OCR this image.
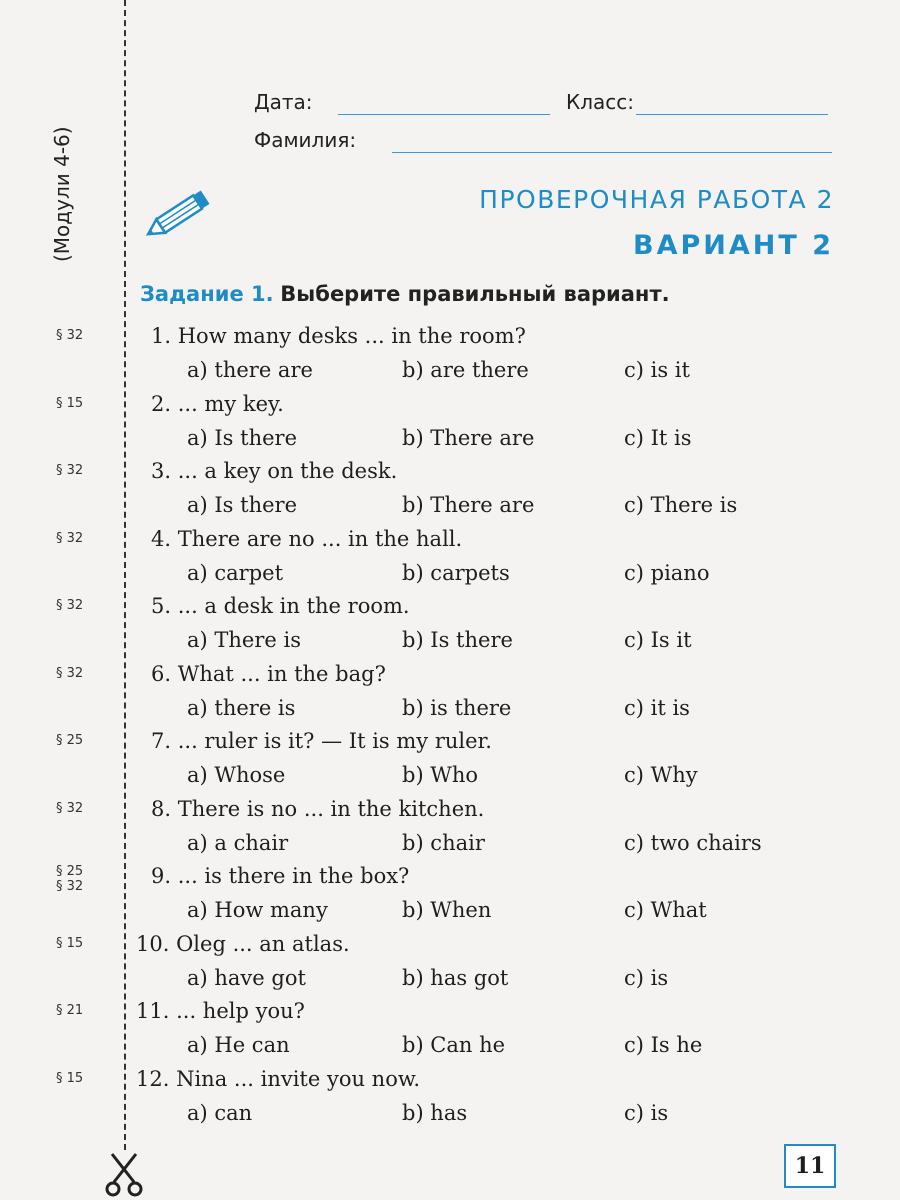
(Модули 4-6)
Дата:	Класс:
Фамилия:
ПРОВЕРОЧНАЯ РАБОТА 2
ВАРИАНТ 2
Задание 1. Выберите правильный вариант.
§ 32	1. How many desks ... in the room?
a) there are	b) are there	c) is it
§ 15	2. ... my key.
a) Is there	b) There are	c) It is
§ 32	3. ... a key on the desk.
a) Is there	b) There are	c) There is
§ 32	4. There are no ... in the hall.
a) carpet	b) carpets	c) piano
§ 32	5. ... a desk in the room.
a) There is	b) Is there	c) Is it
§ 32	6. What ... in the bag?
a) there is	b) is there	c) it is
§ 25	7. ... ruler is it? — It is my ruler.
a) Whose	b) Who	c) Why
§ 32	8. There is no ... in the kitchen.
a) a chair	b) chair	c) two chairs
§ 25
§ 32	9. ... is there in the box?
a) How many	b) When	c) What
§ 15	10. Oleg ... an atlas.
a) have got	b) has got	c) is
§ 21	11. ... help you?
a) He can	b) Can he	c) Is he
§ 15	12. Nina ... invite you now.
a) can	b) has	c) is
11
